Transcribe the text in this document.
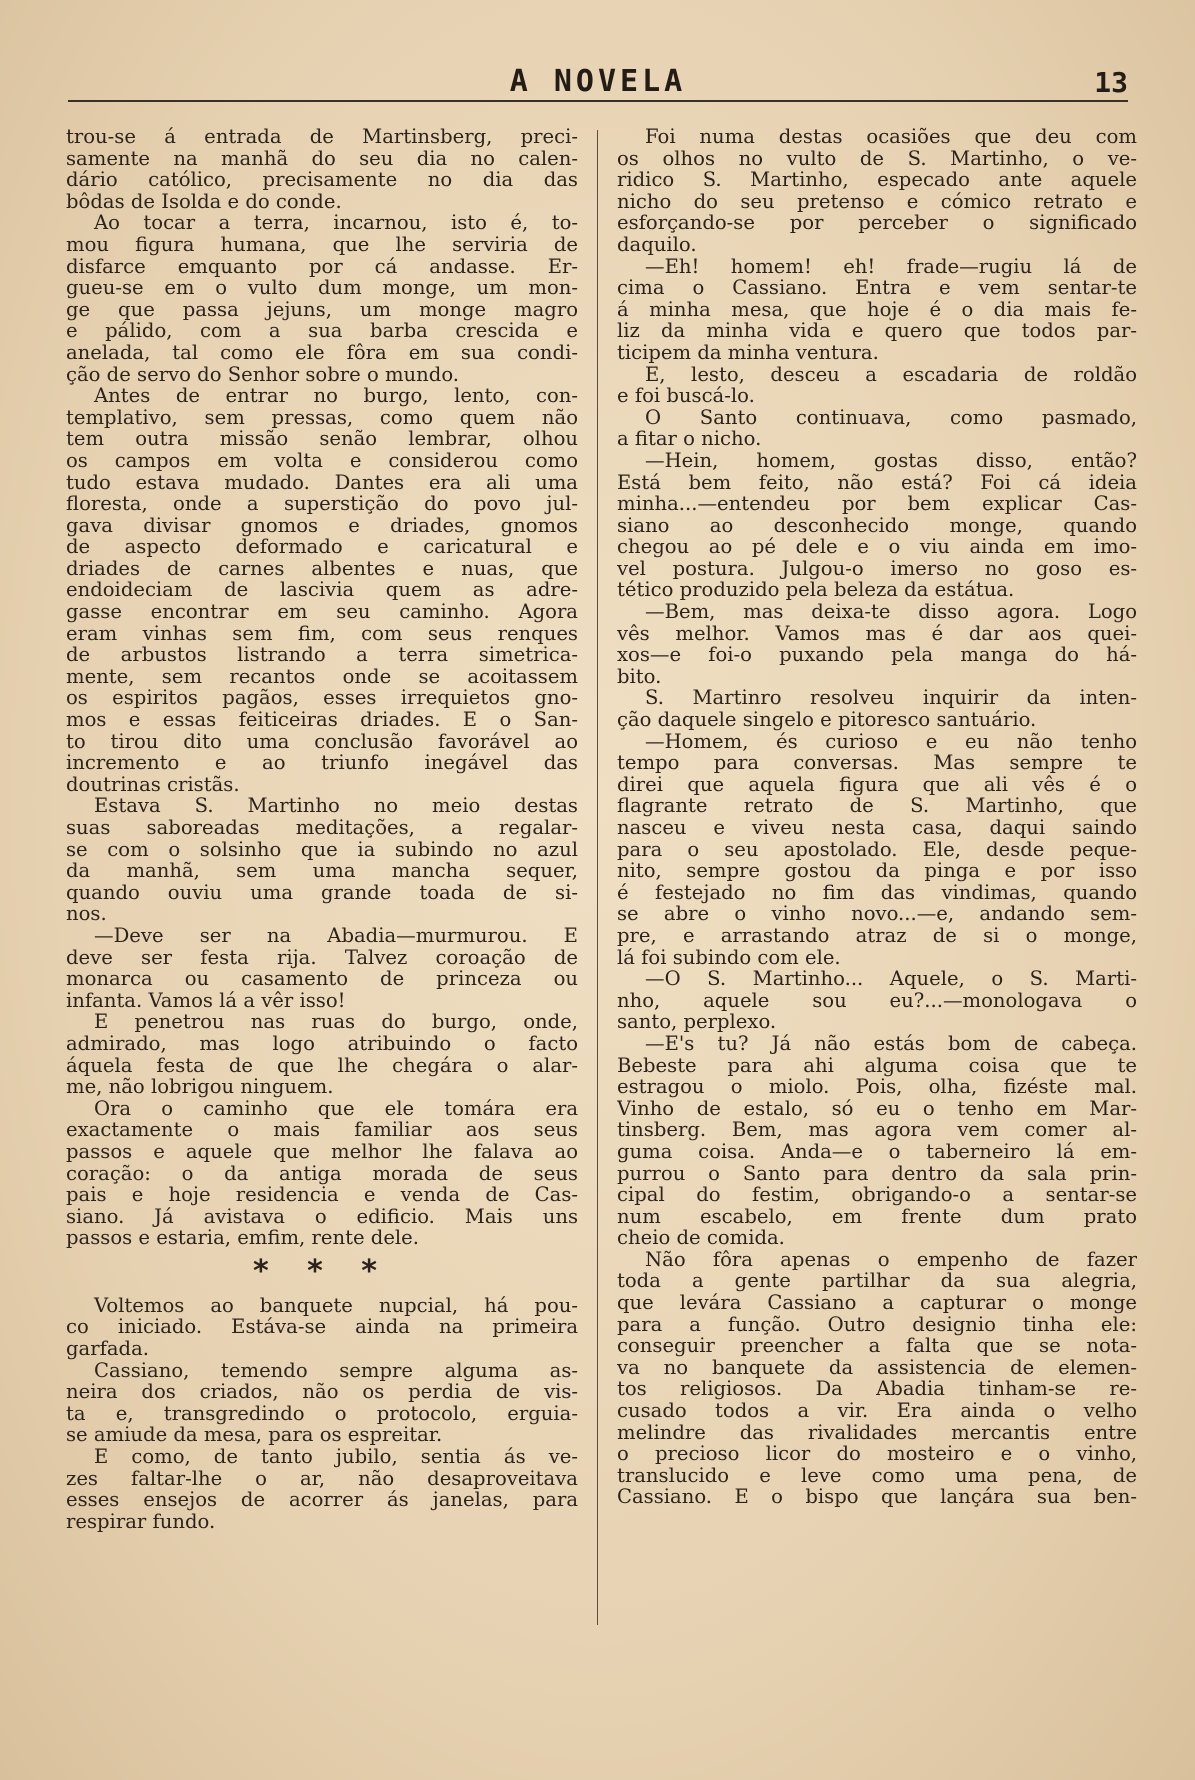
A NOVELA	13
trou-se á entrada de Martinsberg, preci-
samente na manhã do seu dia no calen-
dário católico, precisamente no dia das
bôdas de Isolda e do conde.
Ao tocar a terra, incarnou, isto é, to-
mou figura humana, que lhe serviria de
disfarce emquanto por cá andasse. Er-
gueu-se em o vulto dum monge, um mon-
ge que passa jejuns, um monge magro
e pálido, com a sua barba crescida e
anelada, tal como ele fôra em sua condi-
ção de servo do Senhor sobre o mundo.
Antes de entrar no burgo, lento, con-
templativo, sem pressas, como quem não
tem outra missão senão lembrar, olhou
os campos em volta e considerou como
tudo estava mudado. Dantes era ali uma
floresta, onde a superstição do povo jul-
gava divisar gnomos e driades, gnomos
de aspecto deformado e caricatural e
driades de carnes albentes e nuas, que
endoideciam de lascivia quem as adre-
gasse encontrar em seu caminho. Agora
eram vinhas sem fim, com seus renques
de arbustos listrando a terra simetrica-
mente, sem recantos onde se acoitassem
os espiritos pagãos, esses irrequietos gno-
mos e essas feiticeiras driades. E o San-
to tirou dito uma conclusão favorável ao
incremento e ao triunfo inegável das
doutrinas cristãs.
Estava S. Martinho no meio destas
suas saboreadas meditações, a regalar-
se com o solsinho que ia subindo no azul
da manhã, sem uma mancha sequer,
quando ouviu uma grande toada de si-
nos.
—Deve ser na Abadia—murmurou. E
deve ser festa rija. Talvez coroação de
monarca ou casamento de princeza ou
infanta. Vamos lá a vêr isso!
E penetrou nas ruas do burgo, onde,
admirado, mas logo atribuindo o facto
áquela festa de que lhe chegára o alar-
me, não lobrigou ninguem.
Ora o caminho que ele tomára era
exactamente o mais familiar aos seus
passos e aquele que melhor lhe falava ao
coração: o da antiga morada de seus
pais e hoje residencia e venda de Cas-
siano. Já avistava o edificio. Mais uns
passos e estaria, emfim, rente dele.
* * *
Voltemos ao banquete nupcial, há pou-
co iniciado. Estáva-se ainda na primeira
garfada.
Cassiano, temendo sempre alguma as-
neira dos criados, não os perdia de vis-
ta e, transgredindo o protocolo, erguia-
se amiude da mesa, para os espreitar.
E como, de tanto jubilo, sentia ás ve-
zes faltar-lhe o ar, não desaproveitava
esses ensejos de acorrer ás janelas, para
respirar fundo.
Foi numa destas ocasiões que deu com
os olhos no vulto de S. Martinho, o ve-
ridico S. Martinho, especado ante aquele
nicho do seu pretenso e cómico retrato e
esforçando-se por perceber o significado
daquilo.
—Eh! homem! eh! frade—rugiu lá de
cima o Cassiano. Entra e vem sentar-te
á minha mesa, que hoje é o dia mais fe-
liz da minha vida e quero que todos par-
ticipem da minha ventura.
E, lesto, desceu a escadaria de roldão
e foi buscá-lo.
O Santo continuava, como pasmado,
a fitar o nicho.
—Hein, homem, gostas disso, então?
Está bem feito, não está? Foi cá ideia
minha...—entendeu por bem explicar Cas-
siano ao desconhecido monge, quando
chegou ao pé dele e o viu ainda em imo-
vel postura. Julgou-o imerso no goso es-
tético produzido pela beleza da estátua.
—Bem, mas deixa-te disso agora. Logo
vês melhor. Vamos mas é dar aos quei-
xos—e foi-o puxando pela manga do há-
bito.
S. Martinro resolveu inquirir da inten-
ção daquele singelo e pitoresco santuário.
—Homem, és curioso e eu não tenho
tempo para conversas. Mas sempre te
direi que aquela figura que ali vês é o
flagrante retrato de S. Martinho, que
nasceu e viveu nesta casa, daqui saindo
para o seu apostolado. Ele, desde peque-
nito, sempre gostou da pinga e por isso
é festejado no fim das vindimas, quando
se abre o vinho novo...—e, andando sem-
pre, e arrastando atraz de si o monge,
lá foi subindo com ele.
—O S. Martinho... Aquele, o S. Marti-
nho, aquele sou eu?...—monologava o
santo, perplexo.
—E's tu? Já não estás bom de cabeça.
Bebeste para ahi alguma coisa que te
estragou o miolo. Pois, olha, fizéste mal.
Vinho de estalo, só eu o tenho em Mar-
tinsberg. Bem, mas agora vem comer al-
guma coisa. Anda—e o taberneiro lá em-
purrou o Santo para dentro da sala prin-
cipal do festim, obrigando-o a sentar-se
num escabelo, em frente dum prato
cheio de comida.
Não fôra apenas o empenho de fazer
toda a gente partilhar da sua alegria,
que levára Cassiano a capturar o monge
para a função. Outro designio tinha ele:
conseguir preencher a falta que se nota-
va no banquete da assistencia de elemen-
tos religiosos. Da Abadia tinham-se re-
cusado todos a vir. Era ainda o velho
melindre das rivalidades mercantis entre
o precioso licor do mosteiro e o vinho,
translucido e leve como uma pena, de
Cassiano. E o bispo que lançára sua ben-
